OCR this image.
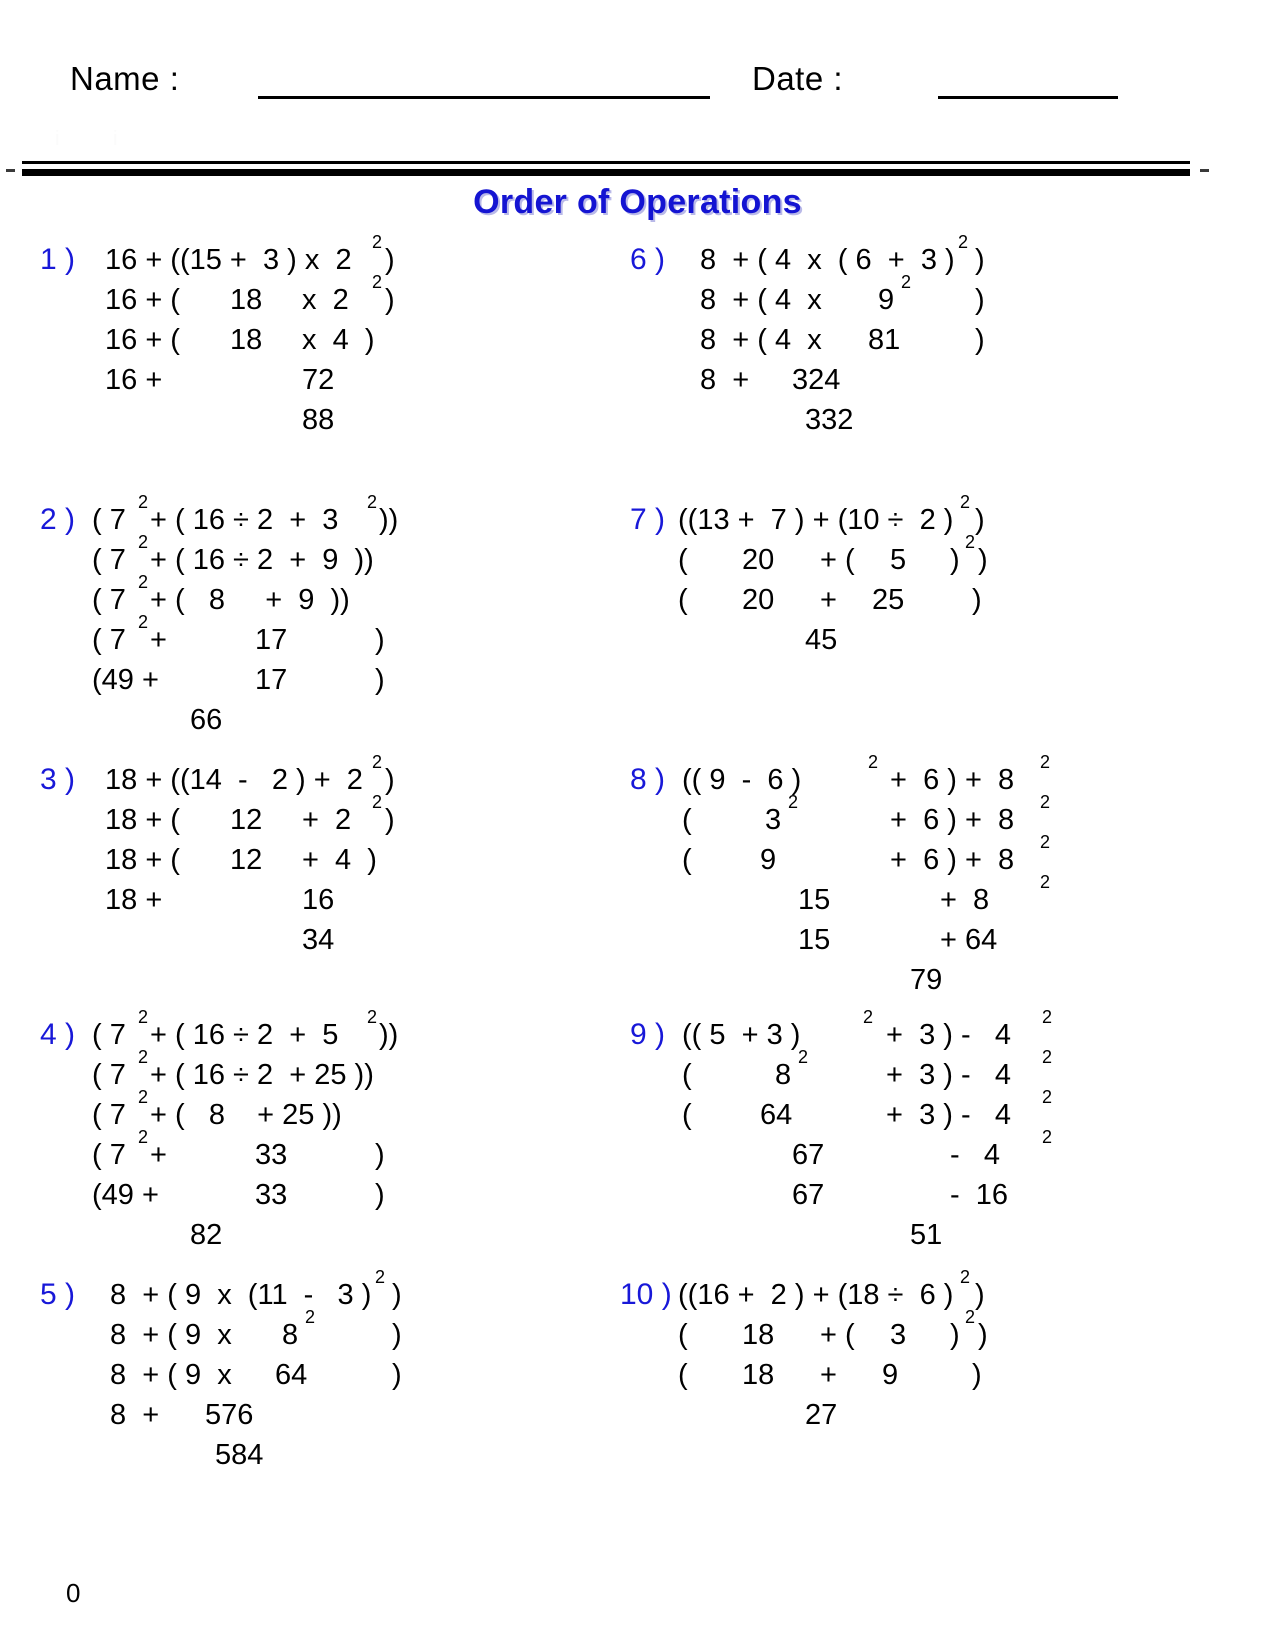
Name :	Date :
i i
Order of Operations
1 ) 16 + ((15 +  3 ) x  2
$^2$
)
16 + ( 18 x  2
$^2$
)
16 + ( 18 x  4  )
16 +	72
88
2 ) ( 7
$^2$
+ ( 16 ÷ 2  +  3
$^2$
))
( 7
$^2$
+ ( 16 ÷ 2  +  9  ))
( 7
$^2$
+ (   8     +  9  ))
( 7
$^2$
+	17	)
(49 +	17	)
66
3 ) 18 + ((14  -   2 ) +  2
$^2$
)
18 + ( 12 +  2
$^2$
)
18 + ( 12 +  4  )
18 +	16
34
4 ) ( 7
$^2$
+ ( 16 ÷ 2  +  5
$^2$
))
( 7
$^2$
+ ( 16 ÷ 2  + 25 ))
( 7
$^2$
+ (   8    + 25 ))
( 7
$^2$
+	33	)
(49 +	33	)
82
5 ) 8  + ( 9  x  (11  -   3 )
$^2$
)
8  + ( 9  x 8
$^2$
)
8  + ( 9  x 64	)
8  + 576
584
6 ) 8  + ( 4  x  ( 6  +  3 )
$^2$
)
8  + ( 4  x 9
$^2$
)
8  + ( 4  x 81	)
8  + 324
332
7 ) ((13 +  7 ) + (10 ÷  2 )
$^2$
)
( 20 + ( 5 )
$^2$
)
( 20 + 25 )
45
8 ) (( 9  -  6 )
$^2$
+  6 ) +  8
$^2$
(	3
$^2$
+  6 ) +  8
$^2$
( 9	+  6 ) +  8
$^2$
15	+  8
$^2$
15	+ 64
79
9 ) (( 5  + 3 )
$^2$
+  3 ) -   4
$^2$
(	8
$^2$
+  3 ) -   4
$^2$
( 64	+  3 ) -   4
$^2$
67	-   4
$^2$
67	-  16
51
10 ) ((16 +  2 ) + (18 ÷  6 )
$^2$
)
( 18 + ( 3 )
$^2$
)
( 18 + 9	)
27
0
